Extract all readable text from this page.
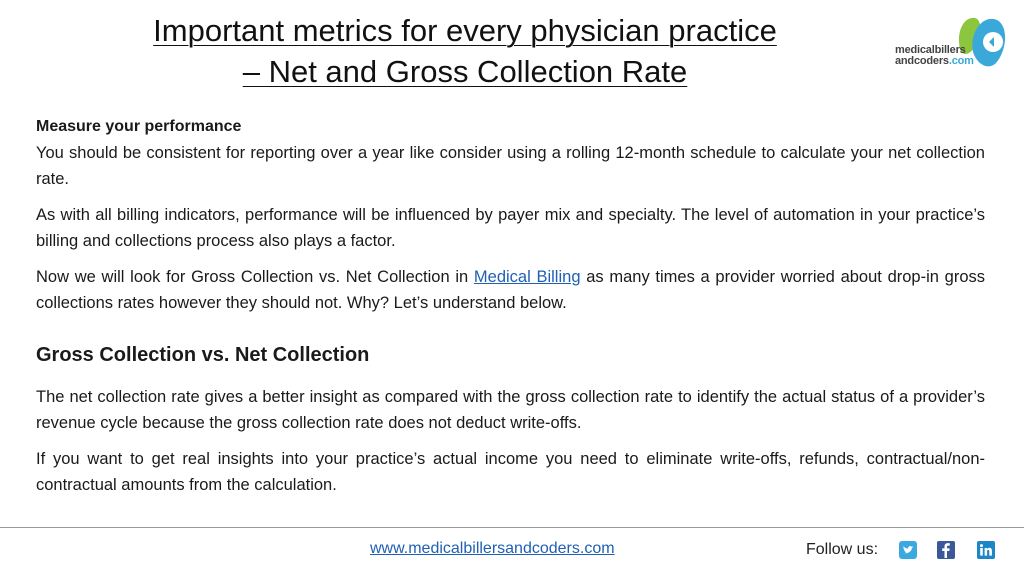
Important metrics for every physician practice
– Net and Gross Collection Rate
medicalbillers
andcoders.com

Measure your performance

You should be consistent for reporting over a year like consider using a rolling 12-month schedule to calculate your net collection rate.

As with all billing indicators, performance will be influenced by payer mix and specialty. The level of automation in your practice’s billing and collections process also plays a factor.

Now we will look for Gross Collection vs. Net Collection in Medical Billing as many times a provider worried about drop-in gross collections rates however they should not. Why? Let’s understand below.

Gross Collection vs. Net Collection

The net collection rate gives a better insight as compared with the gross collection rate to identify the actual status of a provider’s revenue cycle because the gross collection rate does not deduct write-offs.

If you want to get real insights into your practice’s actual income you need to eliminate write-offs, refunds, contractual/non-contractual amounts from the calculation.

www.medicalbillersandcoders.com	Follow us:
